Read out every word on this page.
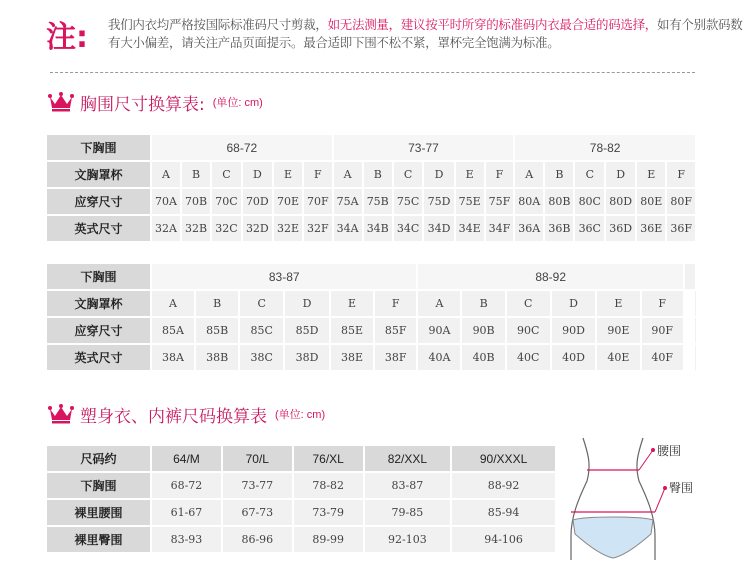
注: 我们内衣均严格按国际标准码尺寸剪裁，如无法测量，建议按平时所穿的标准码内衣最合适的码选择，如有个别款码数有大小偏差，请关注产品页面提示。最合适即下围不松不紧，罩杯完全饱满为标准。
胸围尺寸换算表: (单位: cm)
下胸围	68-72						73-77						78-82					
文胸罩杯	A	B	C	D	E	F	A	B	C	D	E	F	A	B	C	D	E	F
应穿尺寸	70A	70B	70C	70D	70E	70F	75A	75B	75C	75D	75E	75F	80A	80B	80C	80D	80E	80F
英式尺寸	32A	32B	32C	32D	32E	32F	34A	34B	34C	34D	34E	34F	36A	36B	36C	36D	36E	36F
下胸围	83-87						88-92											
文胸罩杯	A	B	C	D	E	F	A	B	C	D	E	F						
应穿尺寸	85A	85B	85C	85D	85E	85F	90A	90B	90C	90D	90E	90F						
英式尺寸	38A	38B	38C	38D	38E	38F	40A	40B	40C	40D	40E	40F						
塑身衣、内裤尺码换算表 (单位: cm)
尺码约	64/M	70/L	76/XL	82/XXL	90/XXXL
下胸围	68-72	73-77	78-82	83-87	88-92
裸里腰围	61-67	67-73	73-79	79-85	85-94
裸里臀围	83-93	86-96	89-99	92-103	94-106
腰围
臀围
